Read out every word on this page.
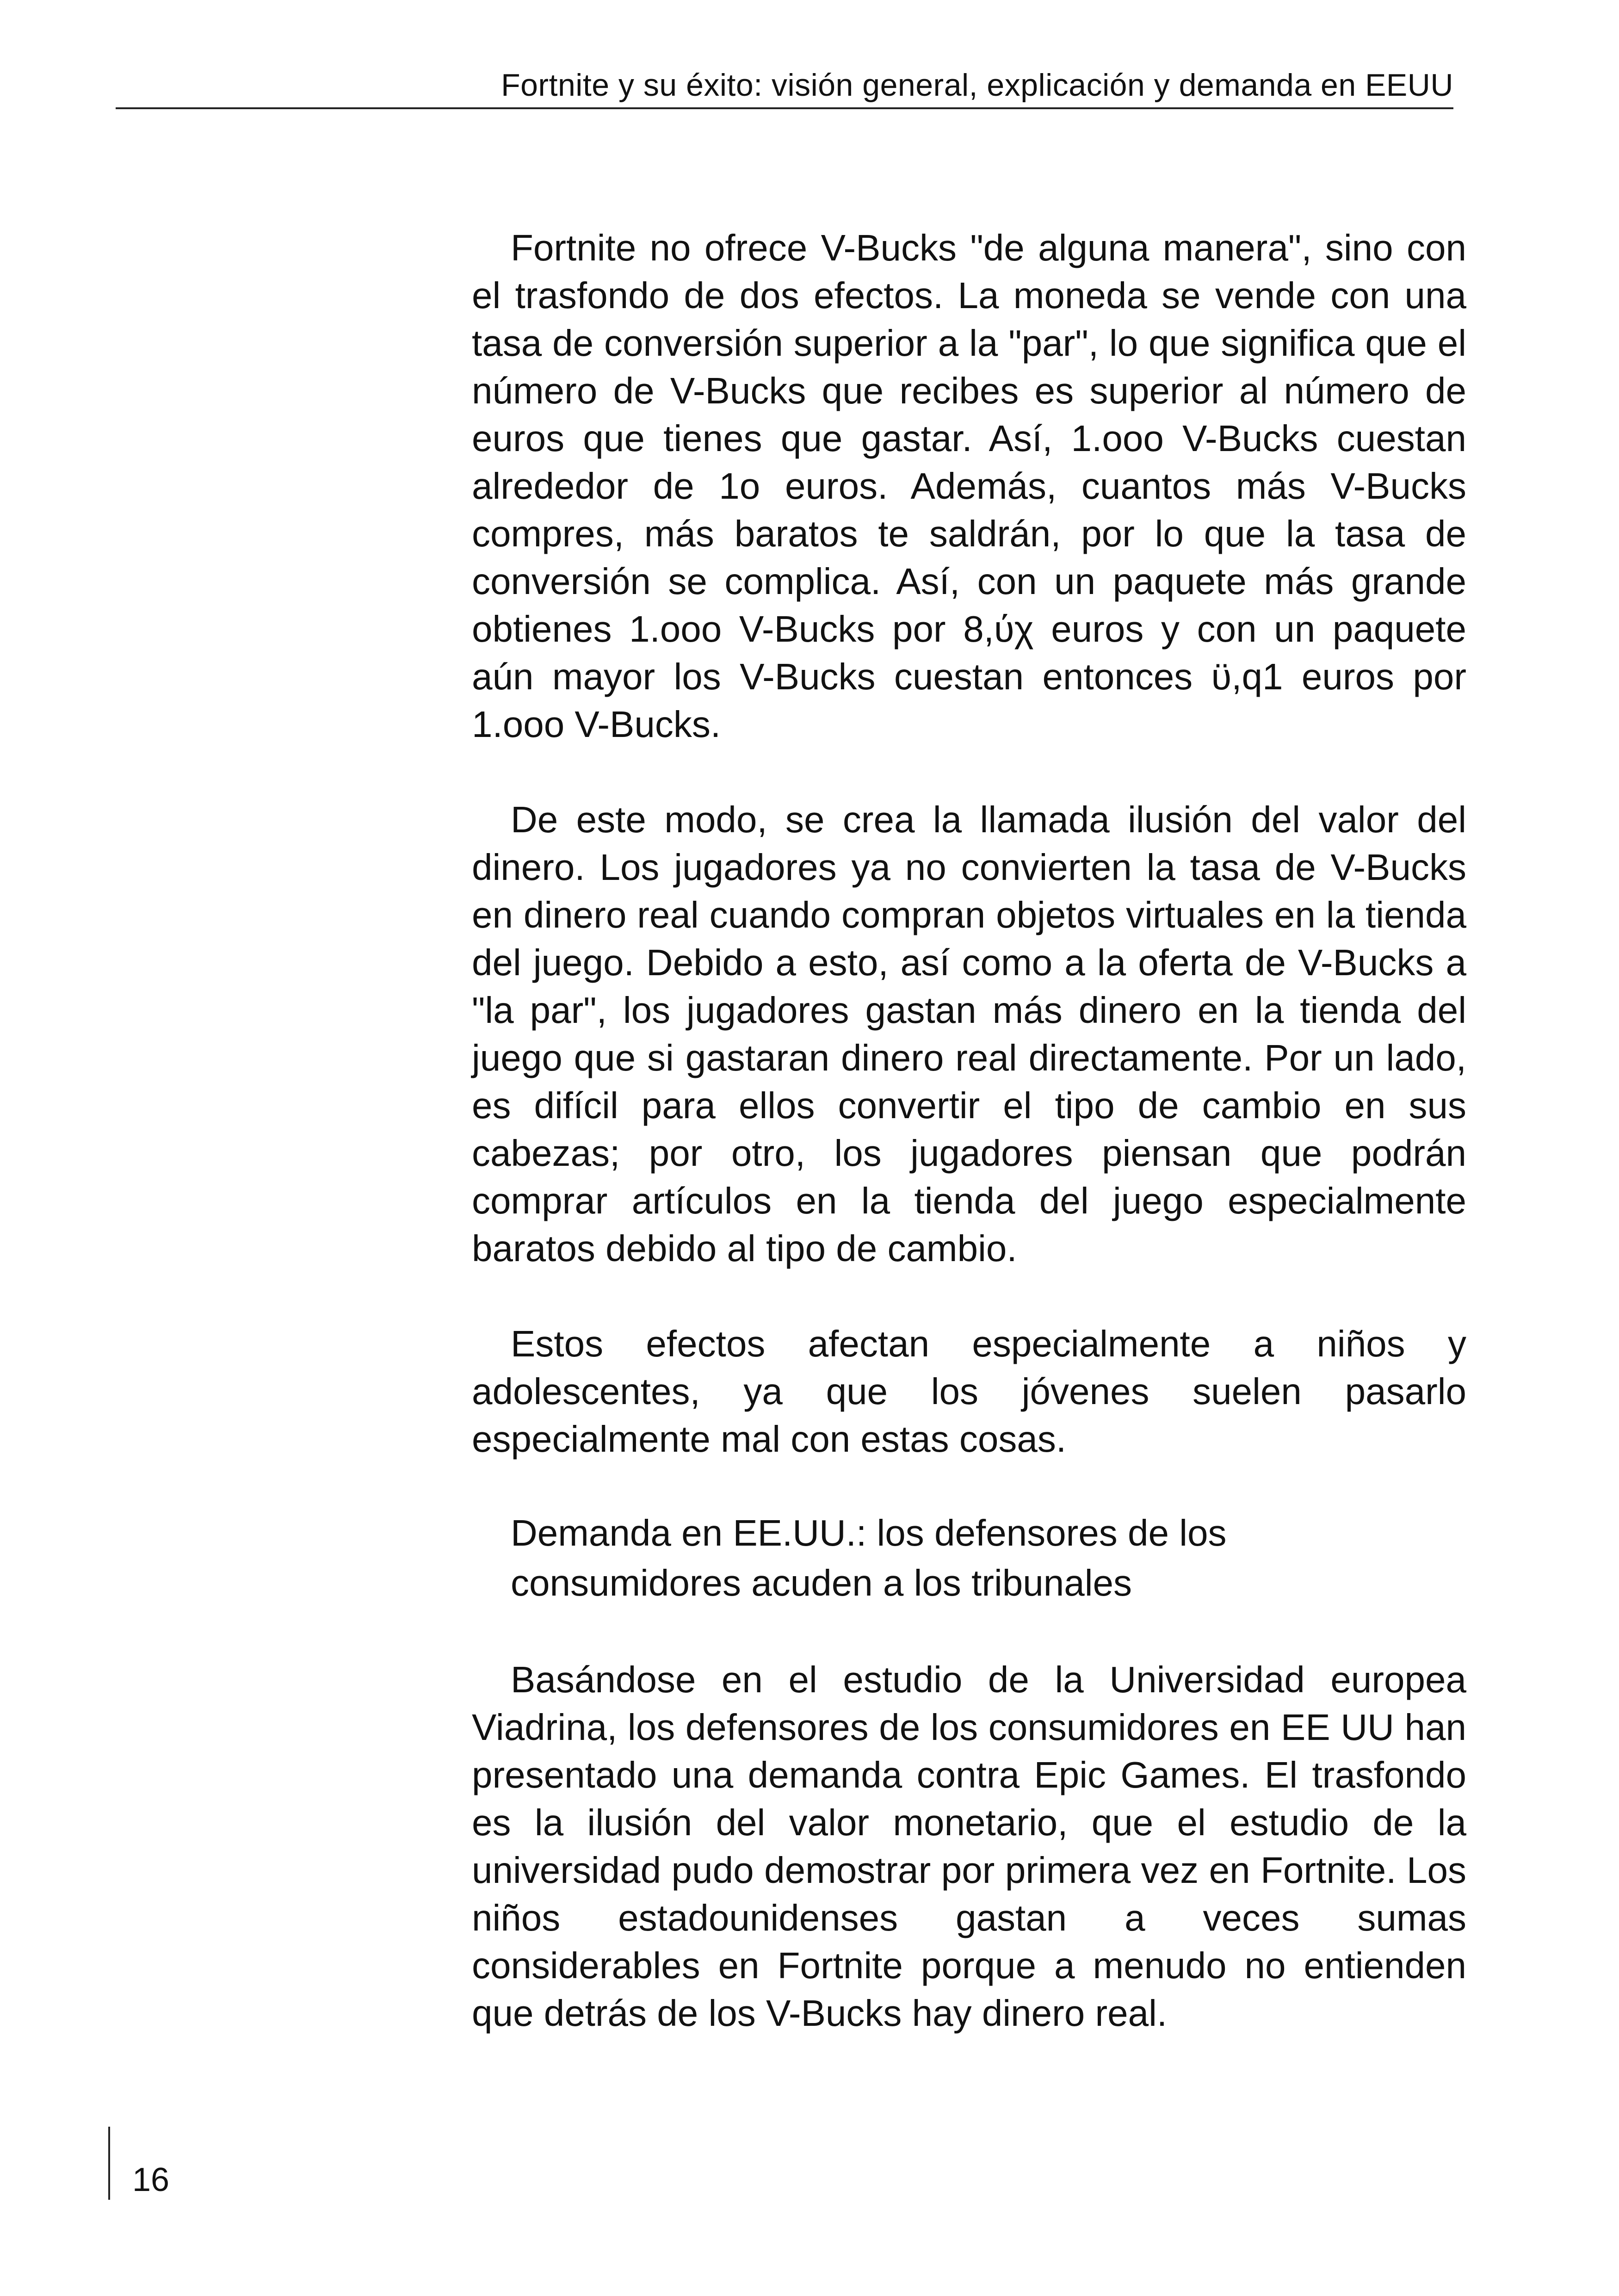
Fortnite y su éxito: visión general, explicación y demanda en EEUU

Fortnite no ofrece V-Bucks "de alguna manera", sino con el trasfondo de dos efectos. La moneda se vende con una tasa de conversión superior a la "par", lo que significa que el número de V-Bucks que recibes es superior al número de euros que tienes que gastar. Así, 1.ooo V-Bucks cuestan alrededor de 1o euros. Además, cuantos más V-Bucks compres, más baratos te saldrán, por lo que la tasa de conversión se complica. Así, con un paquete más grande obtienes 1.ooo V-Bucks por 8,ύχ euros y con un paquete aún mayor los V-Bucks cuestan entonces ϋ,q1 euros por 1.ooo V-Bucks.

De este modo, se crea la llamada ilusión del valor del dinero. Los jugadores ya no convierten la tasa de V-Bucks en dinero real cuando compran objetos virtuales en la tienda del juego. Debido a esto, así como a la oferta de V-Bucks a "la par", los jugadores gastan más dinero en la tienda del juego que si gastaran dinero real directamente. Por un lado, es difícil para ellos convertir el tipo de cambio en sus cabezas; por otro, los jugadores piensan que podrán comprar artículos en la tienda del juego especialmente baratos debido al tipo de cambio.

Estos efectos afectan especialmente a niños y adolescentes, ya que los jóvenes suelen pasarlo especialmente mal con estas cosas.

Demanda en EE.UU.: los defensores de los consumidores acuden a los tribunales

Basándose en el estudio de la Universidad europea Viadrina, los defensores de los consumidores en EE UU han presentado una demanda contra Epic Games. El trasfondo es la ilusión del valor monetario, que el estudio de la universidad pudo demostrar por primera vez en Fortnite. Los niños estadounidenses gastan a veces sumas considerables en Fortnite porque a menudo no entienden que detrás de los V-Bucks hay dinero real.

16
